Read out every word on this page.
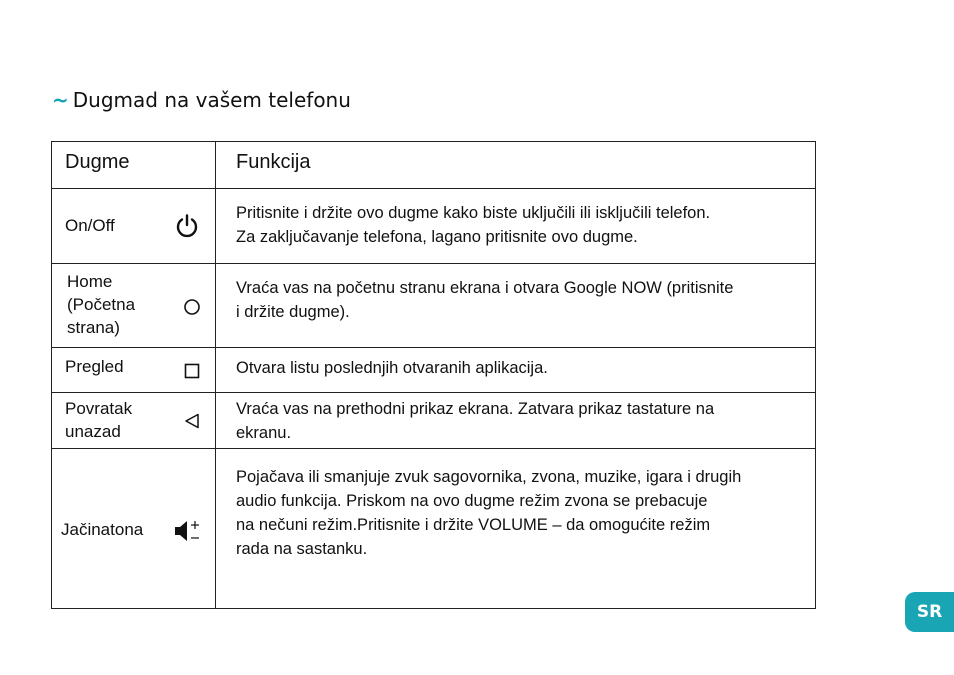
~ Dugmad na vašem telefonu
Dugme	Funkcija
On/Off
Pritisnite i držite ovo dugme kako biste uključili ili isključili telefon.
Za zaključavanje telefona, lagano pritisnite ovo dugme.
Home
(Početna
strana)
Vraća vas na početnu stranu ekrana i otvara Google NOW (pritisnite
i držite dugme).
Pregled	Otvara listu poslednjih otvaranih aplikacija.
Povratak
unazad
Vraća vas na prethodni prikaz ekrana. Zatvara prikaz tastature na
ekranu.
Jačinatona
Pojačava ili smanjuje zvuk sagovornika, zvona, muzike, igara i drugih
audio funkcija. Priskom na ovo dugme režim zvona se prebacuje
na nečuni režim.Pritisnite i držite VOLUME – da omogućite režim
rada na sastanku.
SR
